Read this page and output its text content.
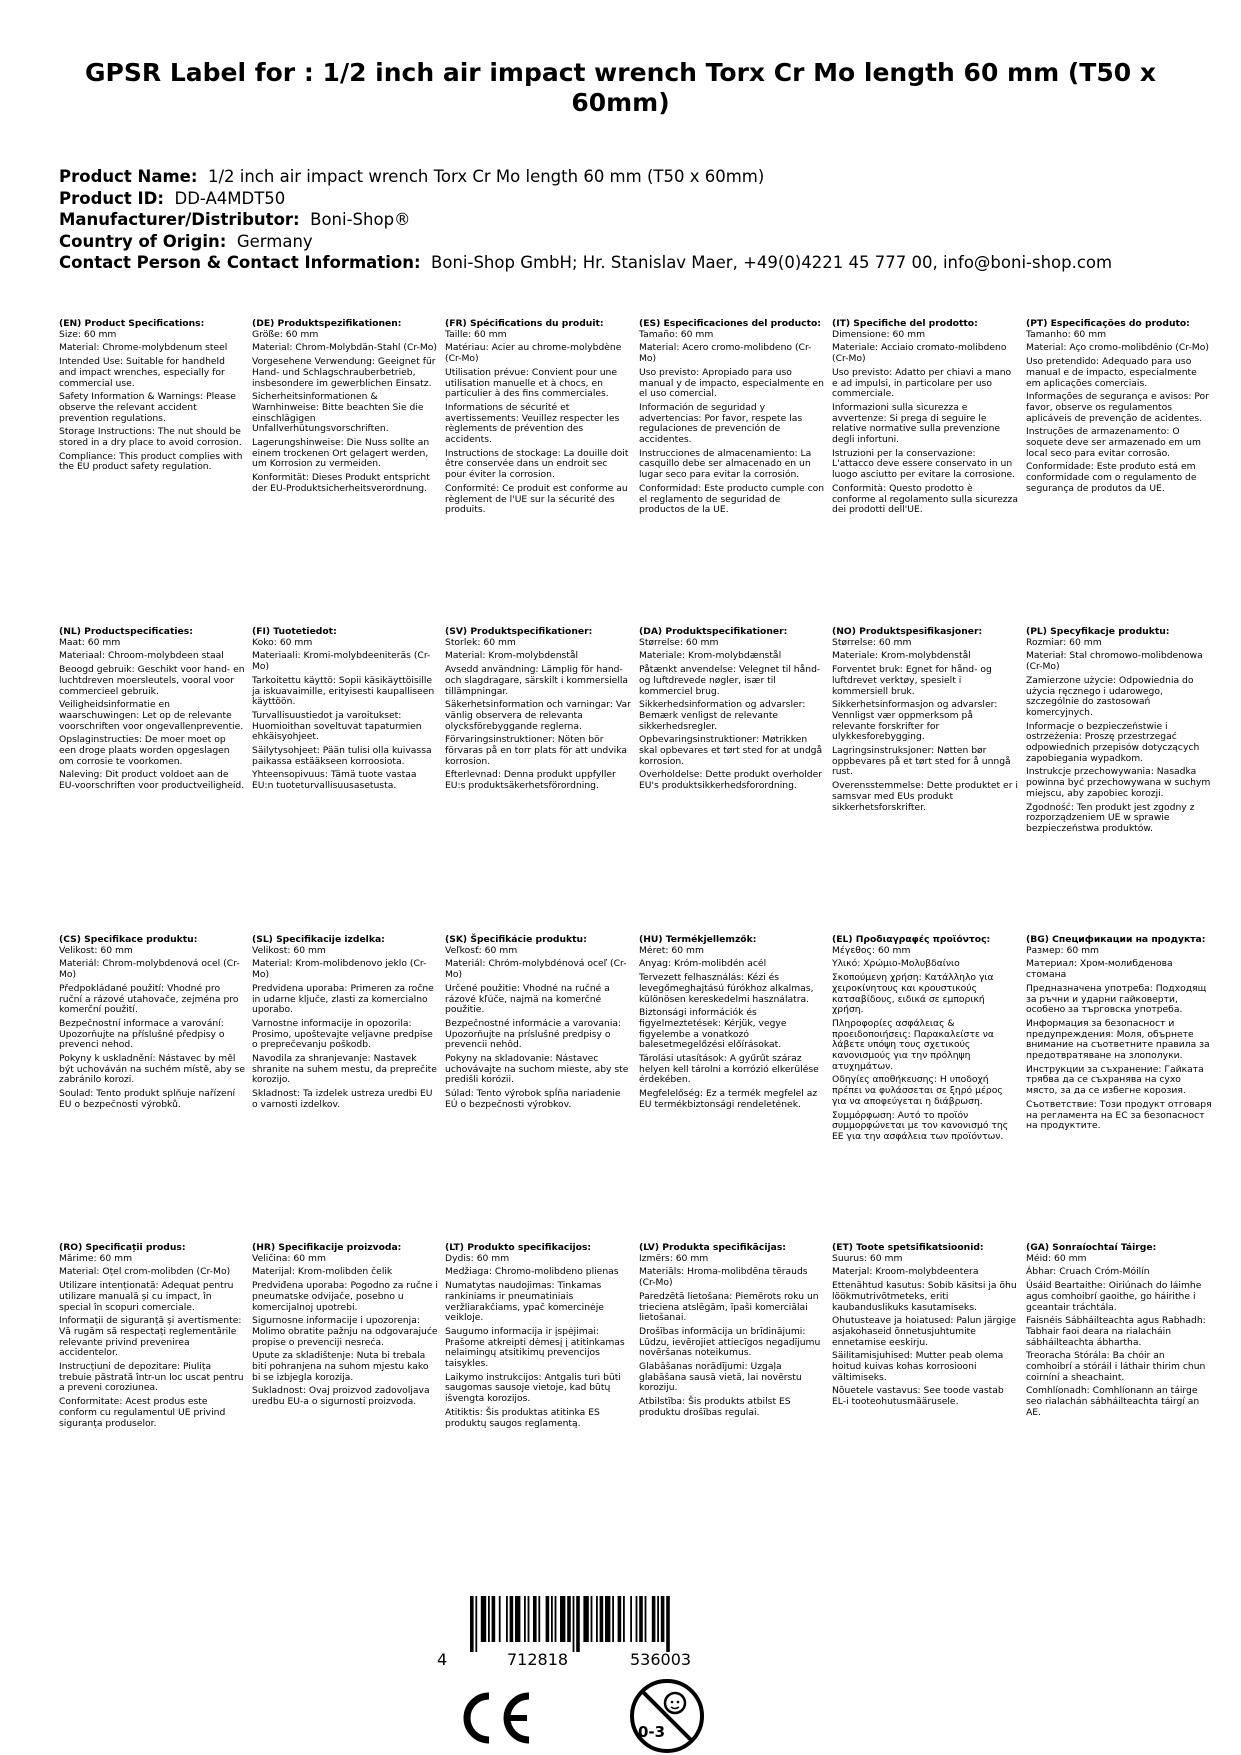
GPSR Label for : 1/2 inch air impact wrench Torx Cr Mo length 60 mm (T50 x 60mm)
Product Name: 1/2 inch air impact wrench Torx Cr Mo length 60 mm (T50 x 60mm)
Product ID: DD-A4MDT50
Manufacturer/Distributor: Boni-Shop®
Country of Origin: Germany
Contact Person & Contact Information: Boni-Shop GmbH; Hr. Stanislav Maer, +49(0)4221 45 777 00, info@boni-shop.com
(EN) Product Specifications:
Size: 60 mm
Material: Chrome-molybdenum steel
Intended Use: Suitable for handheld and impact wrenches, especially for commercial use.
Safety Information & Warnings: Please observe the relevant accident prevention regulations.
Storage Instructions: The nut should be stored in a dry place to avoid corrosion.
Compliance: This product complies with the EU product safety regulation.
(DE) Produktspezifikationen:
Größe: 60 mm
Material: Chrom-Molybdän-Stahl (Cr-Mo)
Vorgesehene Verwendung: Geeignet für Hand- und Schlagschrauberbetrieb, insbesondere im gewerblichen Einsatz.
Sicherheitsinformationen & Warnhinweise: Bitte beachten Sie die einschlägigen Unfallverhütungsvorschriften.
Lagerungshinweise: Die Nuss sollte an einem trockenen Ort gelagert werden, um Korrosion zu vermeiden.
Konformität: Dieses Produkt entspricht der EU-Produktsicherheitsverordnung.
(FR) Spécifications du produit:
Taille: 60 mm
Matériau: Acier au chrome-molybdène (Cr-Mo)
Utilisation prévue: Convient pour une utilisation manuelle et à chocs, en particulier à des fins commerciales.
Informations de sécurité et avertissements: Veuillez respecter les règlements de prévention des accidents.
Instructions de stockage: La douille doit être conservée dans un endroit sec pour éviter la corrosion.
Conformité: Ce produit est conforme au règlement de l'UE sur la sécurité des produits.
(ES) Especificaciones del producto:
Tamaño: 60 mm
Material: Acero cromo-molibdeno (Cr-Mo)
Uso previsto: Apropiado para uso manual y de impacto, especialmente en el uso comercial.
Información de seguridad y advertencias: Por favor, respete las regulaciones de prevención de accidentes.
Instrucciones de almacenamiento: La casquillo debe ser almacenado en un lugar seco para evitar la corrosión.
Conformidad: Este producto cumple con el reglamento de seguridad de productos de la UE.
(IT) Specifiche del prodotto:
Dimensione: 60 mm
Materiale: Acciaio cromato-molibdeno (Cr-Mo)
Uso previsto: Adatto per chiavi a mano e ad impulsi, in particolare per uso commerciale.
Informazioni sulla sicurezza e avvertenze: Si prega di seguire le relative normative sulla prevenzione degli infortuni.
Istruzioni per la conservazione: L'attacco deve essere conservato in un luogo asciutto per evitare la corrosione.
Conformità: Questo prodotto è conforme al regolamento sulla sicurezza dei prodotti dell'UE.
(PT) Especificações do produto:
Tamanho: 60 mm
Material: Aço cromo-molibdênio (Cr-Mo)
Uso pretendido: Adequado para uso manual e de impacto, especialmente em aplicações comerciais.
Informações de segurança e avisos: Por favor, observe os regulamentos aplicáveis de prevenção de acidentes.
Instruções de armazenamento: O soquete deve ser armazenado em um local seco para evitar corrosão.
Conformidade: Este produto está em conformidade com o regulamento de segurança de produtos da UE.
(NL) Productspecificaties:
Maat: 60 mm
Materiaal: Chroom-molybdeen staal
Beoogd gebruik: Geschikt voor hand- en luchtdreven moersleutels, vooral voor commercieel gebruik.
Veiligheidsinformatie en waarschuwingen: Let op de relevante voorschriften voor ongevallenpreventie.
Opslaginstructies: De moer moet op een droge plaats worden opgeslagen om corrosie te voorkomen.
Naleving: Dit product voldoet aan de EU-voorschriften voor productveiligheid.
(FI) Tuotetiedot:
Koko: 60 mm
Materiaali: Kromi-molybdeeniteräs (Cr-Mo)
Tarkoitettu käyttö: Sopii käsikäyttöisille ja iskuavaimille, erityisesti kaupalliseen käyttöön.
Turvallisuustiedot ja varoitukset: Huomioithan soveltuvat tapaturmien ehkäisyohjeet.
Säilytysohjeet: Pään tulisi olla kuivassa paikassa estääkseen korroosiota.
Yhteensopivuus: Tämä tuote vastaa EU:n tuoteturvallisuusasetusta.
(SV) Produktspecifikationer:
Storlek: 60 mm
Material: Krom-molybdenstål
Avsedd användning: Lämplig för hand- och slagdragare, särskilt i kommersiella tillämpningar.
Säkerhetsinformation och varningar: Var vänlig observera de relevanta olycksförebyggande reglerna.
Förvaringsinstruktioner: Nöten bör förvaras på en torr plats för att undvika korrosion.
Efterlevnad: Denna produkt uppfyller EU:s produktsäkerhetsförordning.
(DA) Produktspecifikationer:
Størrelse: 60 mm
Materiale: Krom-molybdænstål
Påtænkt anvendelse: Velegnet til hånd- og luftdrevede nøgler, især til kommerciel brug.
Sikkerhedsinformation og advarsler: Bemærk venligst de relevante sikkerhedsregler.
Opbevaringsinstruktioner: Møtrikken skal opbevares et tørt sted for at undgå korrosion.
Overholdelse: Dette produkt overholder EU's produktsikkerhedsforordning.
(NO) Produktspesifikasjoner:
Størrelse: 60 mm
Materiale: Krom-molybdenstål
Forventet bruk: Egnet for hånd- og luftdrevet verktøy, spesielt i kommersiell bruk.
Sikkerhetsinformasjon og advarsler: Vennligst vær oppmerksom på relevante forskrifter for ulykkesforebygging.
Lagringsinstruksjoner: Nøtten bør oppbevares på et tørt sted for å unngå rust.
Overensstemmelse: Dette produktet er i samsvar med EUs produkt sikkerhetsforskrifter.
(PL) Specyfikacje produktu:
Rozmiar: 60 mm
Materiał: Stal chromowo-molibdenowa (Cr-Mo)
Zamierzone użycie: Odpowiednia do użycia ręcznego i udarowego, szczególnie do zastosowań komercyjnych.
Informacje o bezpieczeństwie i ostrzeżenia: Proszę przestrzegać odpowiednich przepisów dotyczących zapobiegania wypadkom.
Instrukcje przechowywania: Nasadka powinna być przechowywana w suchym miejscu, aby zapobiec korozji.
Zgodność: Ten produkt jest zgodny z rozporządzeniem UE w sprawie bezpieczeństwa produktów.
(CS) Specifikace produktu:
Velikost: 60 mm
Materiál: Chrom-molybdenová ocel (Cr-Mo)
Předpokládané použití: Vhodné pro ruční a rázové utahovače, zejména pro komerční použití.
Bezpečnostní informace a varování: Upozorňujte na příslušné předpisy o prevenci nehod.
Pokyny k uskladnění: Nástavec by měl být uchováván na suchém místě, aby se zabránilo korozi.
Soulad: Tento produkt splňuje nařízení EU o bezpečnosti výrobků.
(SL) Specifikacije izdelka:
Velikost: 60 mm
Material: Krom-molibdenovo jeklo (Cr-Mo)
Predvidena uporaba: Primeren za ročne in udarne ključe, zlasti za komercialno uporabo.
Varnostne informacije in opozorila: Prosimo, upoštevajte veljavne predpise o preprečevanju poškodb.
Navodila za shranjevanje: Nastavek shranite na suhem mestu, da preprečite korozijo.
Skladnost: Ta izdelek ustreza uredbi EU o varnosti izdelkov.
(SK) Špecifikácie produktu:
Veľkosť: 60 mm
Materiál: Chróm-molybdénová oceľ (Cr-Mo)
Určené použitie: Vhodné na ručné a rázové kľúče, najmä na komerčné použitie.
Bezpečnostné informácie a varovania: Upozorňujte na príslušné predpisy o prevencii nehôd.
Pokyny na skladovanie: Nástavec uchovávajte na suchom mieste, aby ste predišli korózii.
Súlad: Tento výrobok spĺňa nariadenie EÚ o bezpečnosti výrobkov.
(HU) Termékjellemzők:
Méret: 60 mm
Anyag: Króm-molibdén acél
Tervezett felhasználás: Kézi és levegőmeghajtású fúrókhoz alkalmas, különösen kereskedelmi használatra.
Biztonsági információk és figyelmeztetések: Kérjük, vegye figyelembe a vonatkozó balesetmegelőzési előírásokat.
Tárolási utasítások: A gyűrűt száraz helyen kell tárolni a korrózió elkerülése érdekében.
Megfelelőség: Ez a termék megfelel az EU termékbiztonsági rendeletének.
(EL) Προδιαγραφές προϊόντος:
Μέγεθος: 60 mm
Υλικό: Χρώμιο-Μολυβδαίνιο
Σκοπούμενη χρήση: Κατάλληλο για χειροκίνητους και κρουστικούς κατσαβίδους, ειδικά σε εμπορική χρήση.
Πληροφορίες ασφάλειας & προειδοποιήσεις: Παρακαλείστε να λάβετε υπόψη τους σχετικούς κανονισμούς για την πρόληψη ατυχημάτων.
Οδηγίες αποθήκευσης: Η υποδοχή πρέπει να φυλάσσεται σε ξηρό μέρος για να αποφεύγεται η διάβρωση.
Συμμόρφωση: Αυτό το προϊόν συμμορφώνεται με τον κανονισμό της ΕΕ για την ασφάλεια των προϊόντων.
(BG) Спецификации на продукта:
Размер: 60 mm
Материал: Хром-молибденова стомана
Предназначена употреба: Подходящ за ръчни и ударни гайковерти, особено за търговска употреба.
Информация за безопасност и предупреждения: Моля, обърнете внимание на съответните правила за предотвратяване на злополуки.
Инструкции за съхранение: Гайката трябва да се съхранява на сухо място, за да се избегне корозия.
Съответствие: Този продукт отговаря на регламента на ЕС за безопасност на продуктите.
(RO) Specificații produs:
Mărime: 60 mm
Material: Oțel crom-molibden (Cr-Mo)
Utilizare intenționată: Adequat pentru utilizare manuală și cu impact, în special în scopuri comerciale.
Informații de siguranță și avertismente: Vă rugăm să respectați reglementările relevante privind prevenirea accidentelor.
Instrucțiuni de depozitare: Piulița trebuie păstrată într-un loc uscat pentru a preveni coroziunea.
Conformitate: Acest produs este conform cu regulamentul UE privind siguranța produselor.
(HR) Specifikacije proizvoda:
Veličina: 60 mm
Materijal: Krom-molibden čelik
Predviđena uporaba: Pogodno za ručne i pneumatske odvijače, posebno u komercijalnoj upotrebi.
Sigurnosne informacije i upozorenja: Molimo obratite pažnju na odgovarajuće propise o prevenciji nesreća.
Upute za skladištenje: Nuta bi trebala biti pohranjena na suhom mjestu kako bi se izbjegla korozija.
Sukladnost: Ovaj proizvod zadovoljava uredbu EU-a o sigurnosti proizvoda.
(LT) Produkto specifikacijos:
Dydis: 60 mm
Medžiaga: Chromo-molibdeno plienas
Numatytas naudojimas: Tinkamas rankiniams ir pneumatiniais veržliarakčiams, ypač komercinėje veikloje.
Saugumo informacija ir įspėjimai: Prašome atkreipti dėmesį į atitinkamas nelaimingų atsitikimų prevencijos taisykles.
Laikymo instrukcijos: Antgalis turi būti saugomas sausoje vietoje, kad būtų išvengta korozijos.
Atitiktis: Šis produktas atitinka ES produktų saugos reglamentą.
(LV) Produkta specifikācijas:
Izmērs: 60 mm
Materiāls: Hroma-molibdēna tērauds (Cr-Mo)
Paredzētā lietošana: Piemērots roku un trieciena atslēgām, īpaši komerciālai lietošanai.
Drošības informācija un brīdinājumi: Lūdzu, ievērojiet attiecīgos negadījumu novēršanas noteikumus.
Glabāšanas norādījumi: Uzgaļa glabāšana sausā vietā, lai novērstu koroziju.
Atbilstība: Šis produkts atbilst ES produktu drošības regulai.
(ET) Toote spetsifikatsioonid:
Suurus: 60 mm
Materjal: Kroom-molybdeentera
Ettenähtud kasutus: Sobib käsitsi ja õhu löökmutrivõtmeteks, eriti kaubanduslikuks kasutamiseks.
Ohutusteave ja hoiatused: Palun järgige asjakohaseid õnnetusjuhtumite ennetamise eeskirju.
Säilitamisjuhised: Mutter peab olema hoitud kuivas kohas korrosiooni vältimiseks.
Nõuetele vastavus: See toode vastab EL-i tooteohutusmäärusele.
(GA) Sonraíochtaí Táirge:
Méid: 60 mm
Ábhar: Cruach Cróm-Móilín
Úsáid Beartaithe: Oiriúnach do láimhe agus comhoibrí gaoithe, go háirithe i gceantair tráchtála.
Faisnéis Sábháilteachta agus Rabhadh: Tabhair faoi deara na rialacháin sábháilteachta ábhartha.
Treoracha Stórála: Ba chóir an comhoibrí a stóráil i láthair thirim chun coirníní a sheachaint.
Comhlíonadh: Comhlíonann an táirge seo rialachán sábháilteachta táirgí an AE.
4	712818	536003
0-3
